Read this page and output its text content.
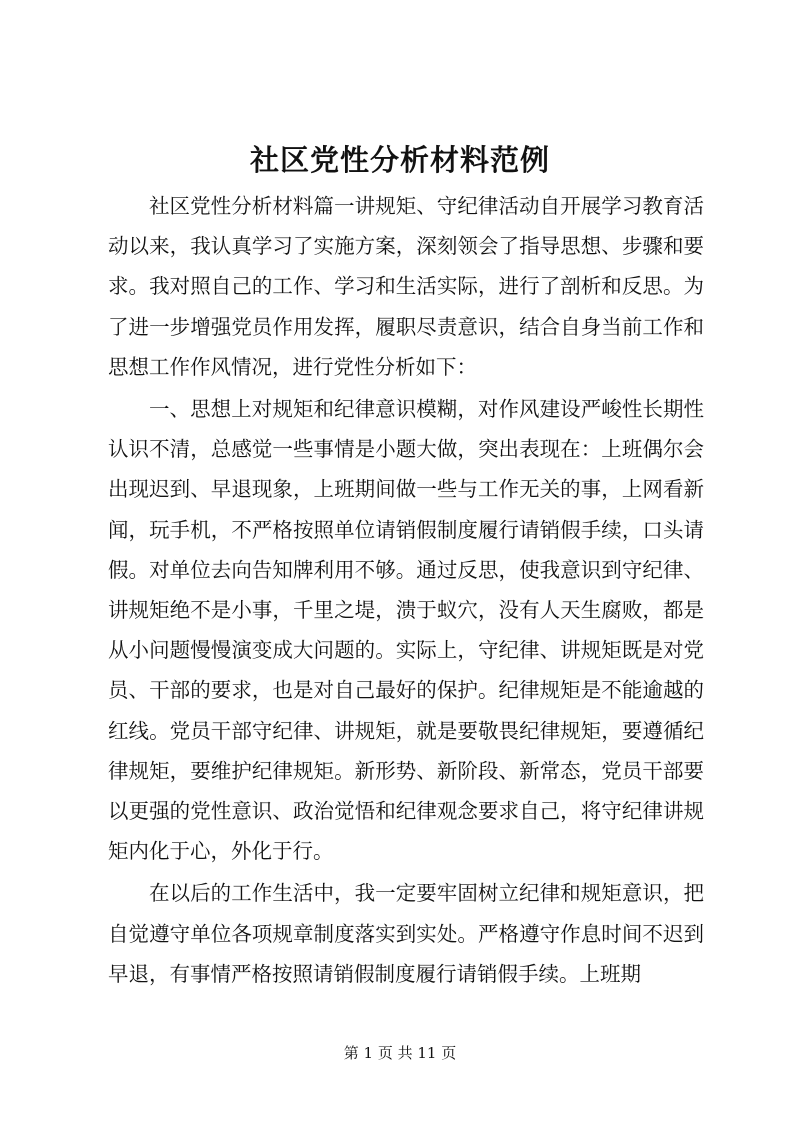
社区党性分析材料范例

社区党性分析材料篇一讲规矩、守纪律活动自开展学习教育活动以来，我认真学习了实施方案，深刻领会了指导思想、步骤和要求。我对照自己的工作、学习和生活实际，进行了剖析和反思。为了进一步增强党员作用发挥，履职尽责意识，结合自身当前工作和思想工作作风情况，进行党性分析如下：

一、思想上对规矩和纪律意识模糊，对作风建设严峻性长期性认识不清，总感觉一些事情是小题大做，突出表现在：上班偶尔会出现迟到、早退现象，上班期间做一些与工作无关的事，上网看新闻，玩手机，不严格按照单位请销假制度履行请销假手续，口头请假。对单位去向告知牌利用不够。通过反思，使我意识到守纪律、讲规矩绝不是小事，千里之堤，溃于蚁穴，没有人天生腐败，都是从小问题慢慢演变成大问题的。实际上，守纪律、讲规矩既是对党员、干部的要求，也是对自己最好的保护。纪律规矩是不能逾越的红线。党员干部守纪律、讲规矩，就是要敬畏纪律规矩，要遵循纪律规矩，要维护纪律规矩。新形势、新阶段、新常态，党员干部要以更强的党性意识、政治觉悟和纪律观念要求自己，将守纪律讲规矩内化于心，外化于行。

在以后的工作生活中，我一定要牢固树立纪律和规矩意识，把自觉遵守单位各项规章制度落实到实处。严格遵守作息时间不迟到早退，有事情严格按照请销假制度履行请销假手续。上班期

第 1 页 共 11 页
